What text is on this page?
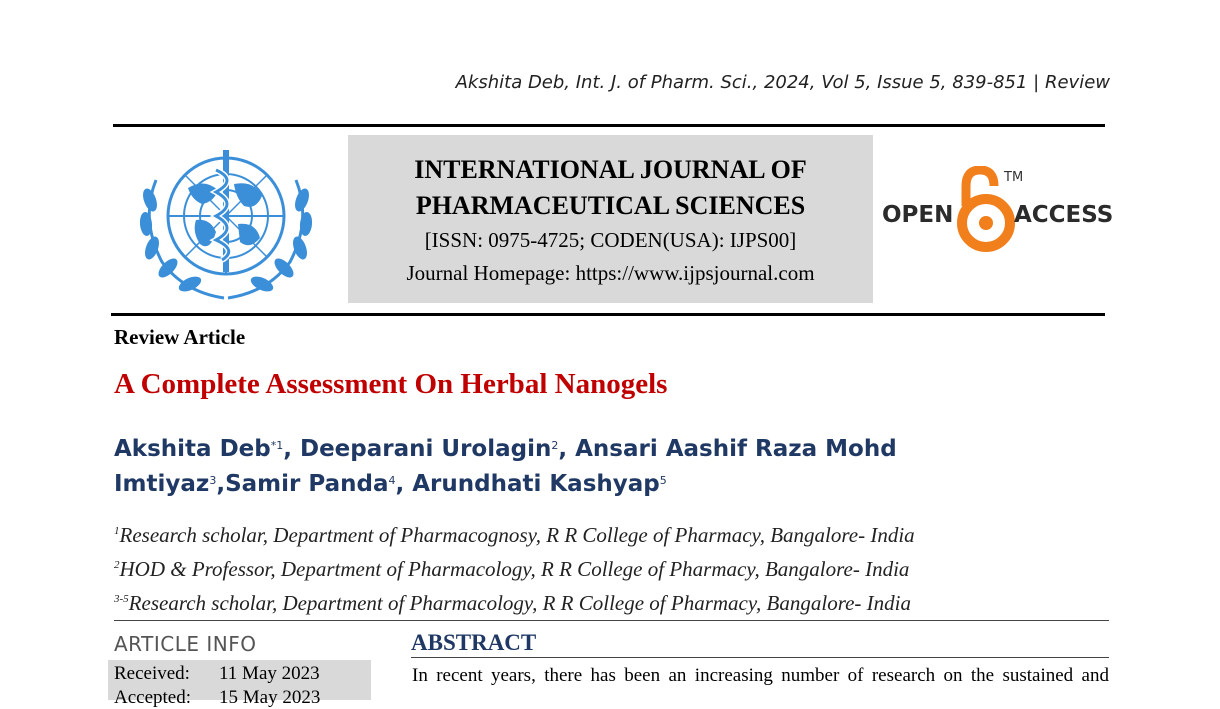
Akshita Deb, Int. J. of Pharm. Sci., 2024, Vol 5, Issue 5, 839-851 | Review
INTERNATIONAL JOURNAL OF
PHARMACEUTICAL SCIENCES
[ISSN: 0975-4725; CODEN(USA): IJPS00]
Journal Homepage: https://www.ijpsjournal.com
OPEN	ACCESS
TM
Review Article
A Complete Assessment On Herbal Nanogels
Akshita Deb$^{*1}$, Deeparani Urolagin$^2$, Ansari Aashif Raza Mohd Imtiyaz$^3$,Samir Panda$^4$, Arundhati Kashyap$^5$
$^1$Research scholar, Department of Pharmacognosy, R R College of Pharmacy, Bangalore- India
$^2$HOD & Professor, Department of Pharmacology, R R College of Pharmacy, Bangalore- India
$^{3-5}$Research scholar, Department of Pharmacology, R R College of Pharmacy, Bangalore- India
ARTICLE INFO
Received: 11 May 2023
Accepted: 15 May 2023
ABSTRACT
In recent years, there has been an increasing number of research on the sustained and
